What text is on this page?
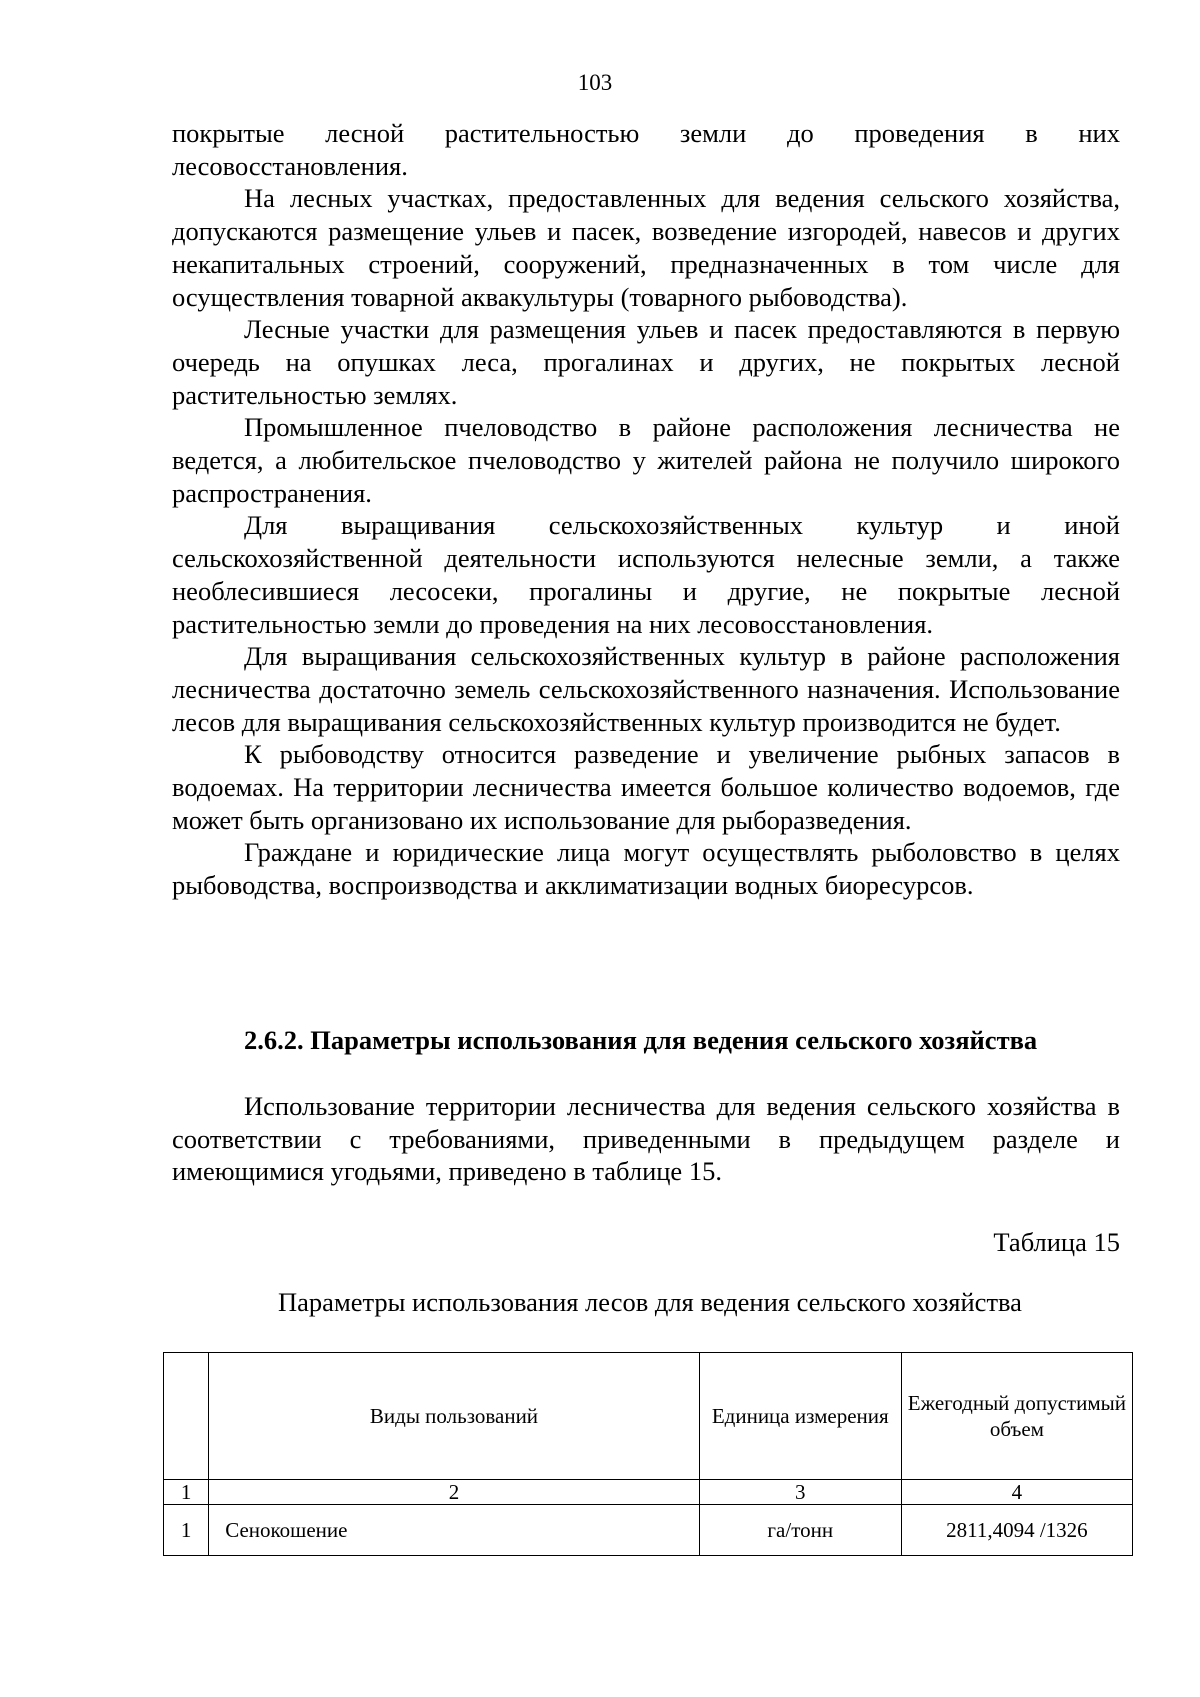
103

покрытые лесной растительностью земли до проведения в них лесовосстановления.

На лесных участках, предоставленных для ведения сельского хозяйства, допускаются размещение ульев и пасек, возведение изгородей, навесов и других некапитальных строений, сооружений, предназначенных в том числе для осуществления товарной аквакультуры (товарного рыбоводства).

Лесные участки для размещения ульев и пасек предоставляются в первую очередь на опушках леса, прогалинах и других, не покрытых лесной растительностью землях.

Промышленное пчеловодство в районе расположения лесничества не ведется, а любительское пчеловодство у жителей района не получило широкого распространения.

Для выращивания сельскохозяйственных культур и иной сельскохозяйственной деятельности используются нелесные земли, а также необлесившиеся лесосеки, прогалины и другие, не покрытые лесной растительностью земли до проведения на них лесовосстановления.

Для выращивания сельскохозяйственных культур в районе расположения лесничества достаточно земель сельскохозяйственного назначения. Использование лесов для выращивания сельскохозяйственных культур производится не будет.

К рыбоводству относится разведение и увеличение рыбных запасов в водоемах. На территории лесничества имеется большое количество водоемов, где может быть организовано их использование для рыборазведения.

Граждане и юридические лица могут осуществлять рыболовство в целях рыбоводства, воспроизводства и акклиматизации водных биоресурсов.

2.6.2. Параметры использования для ведения сельского хозяйства

Использование территории лесничества для ведения сельского хозяйства в соответствии с требованиями, приведенными в предыдущем разделе и имеющимися угодьями, приведено в таблице 15.

Таблица 15
Параметры использования лесов для ведения сельского хозяйства
	Виды пользований	Единица измерения	Ежегодный допустимый объем
1	2	3	4
1	Сенокошение	га/тонн	2811,4094 /1326
